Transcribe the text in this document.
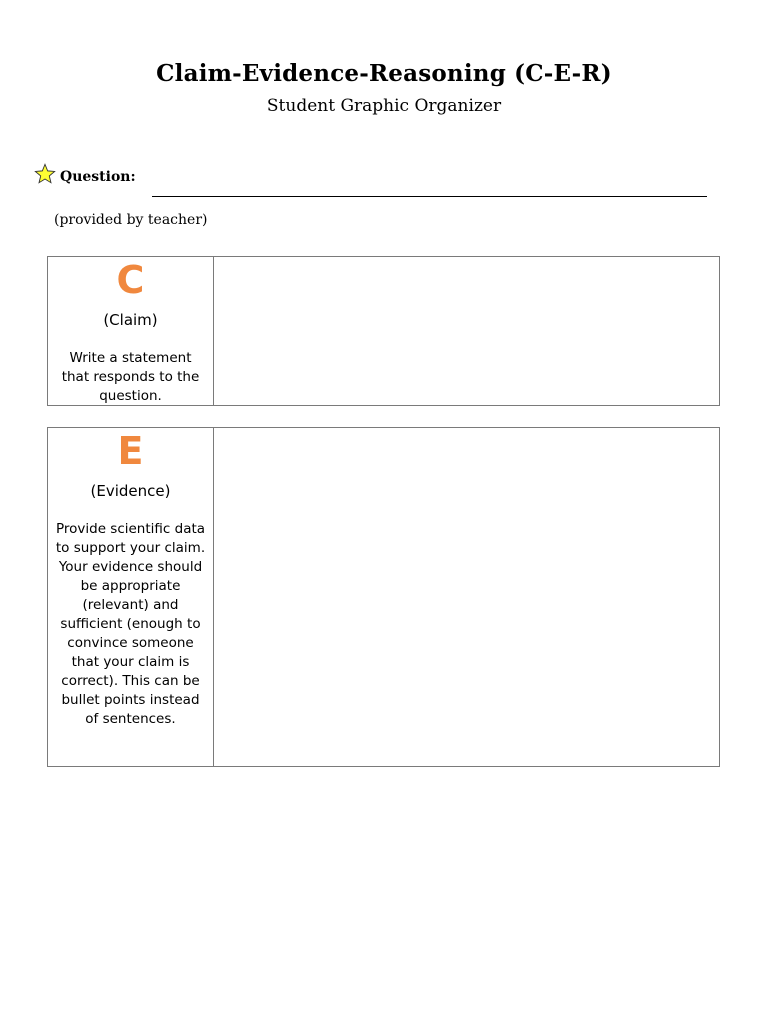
Claim-Evidence-Reasoning (C-E-R)
Student Graphic Organizer
Question:
(provided by teacher)
C
(Claim)
Write a statement that responds to the question.
E
(Evidence)
Provide scientific data to support your claim. Your evidence should be appropriate (relevant) and sufficient (enough to convince someone that your claim is correct). This can be bullet points instead of sentences.
